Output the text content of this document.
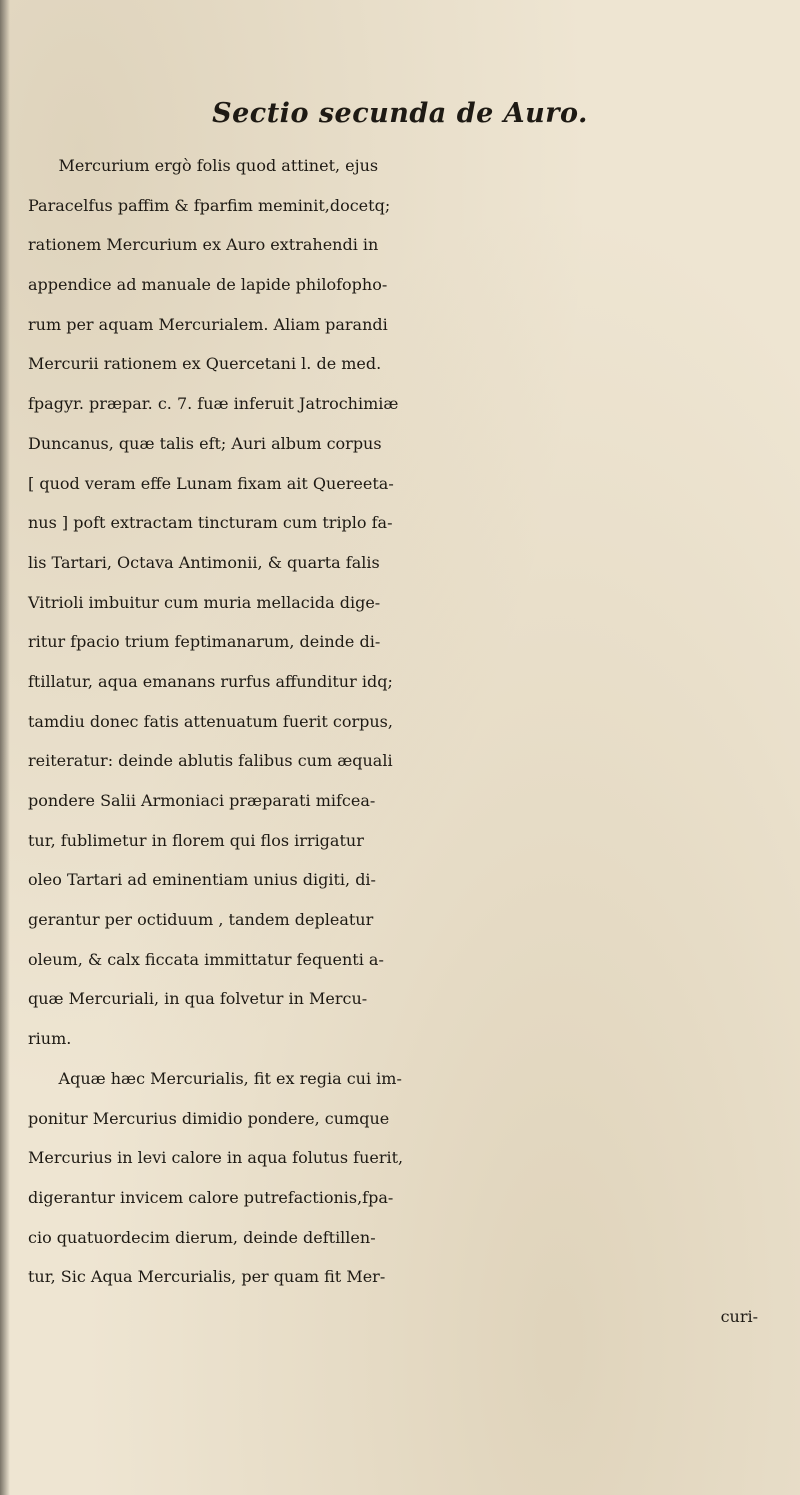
Sectio secunda de Auro.
Mercurium ergò folis quod attinet, ejus
Paracelfus paffim & fparfim meminit,docetq;
rationem Mercurium ex Auro extrahendi in
appendice ad manuale de lapide philofopho-
rum per aquam Mercurialem. Aliam parandi
Mercurii rationem ex Quercetani l. de med.
fpagyr. præpar. c. 7. fuæ inferuit Jatrochimiæ
Duncanus, quæ talis eft; Auri album corpus
[ quod veram effe Lunam fixam ait Quereeta-
nus ] poft extractam tincturam cum triplo fa-
lis Tartari, Octava Antimonii, & quarta falis
Vitrioli imbuitur cum muria mellacida dige-
ritur fpacio trium feptimanarum, deinde di-
ftillatur, aqua emanans rurfus affunditur idq;
tamdiu donec fatis attenuatum fuerit corpus,
reiteratur: deinde ablutis falibus cum æquali
pondere Salii Armoniaci præparati mifcea-
tur, fublimetur in florem qui flos irrigatur
oleo Tartari ad eminentiam unius digiti, di-
gerantur per octiduum , tandem depleatur
oleum, & calx ficcata immittatur fequenti a-
quæ Mercuriali, in qua folvetur in Mercu-
rium.
Aquæ hæc Mercurialis, fit ex regia cui im-
ponitur Mercurius dimidio pondere, cumque
Mercurius in levi calore in aqua folutus fuerit,
digerantur invicem calore putrefactionis,fpa-
cio quatuordecim dierum, deinde deftillen-
tur, Sic Aqua Mercurialis, per quam fit Mer-
curi-
